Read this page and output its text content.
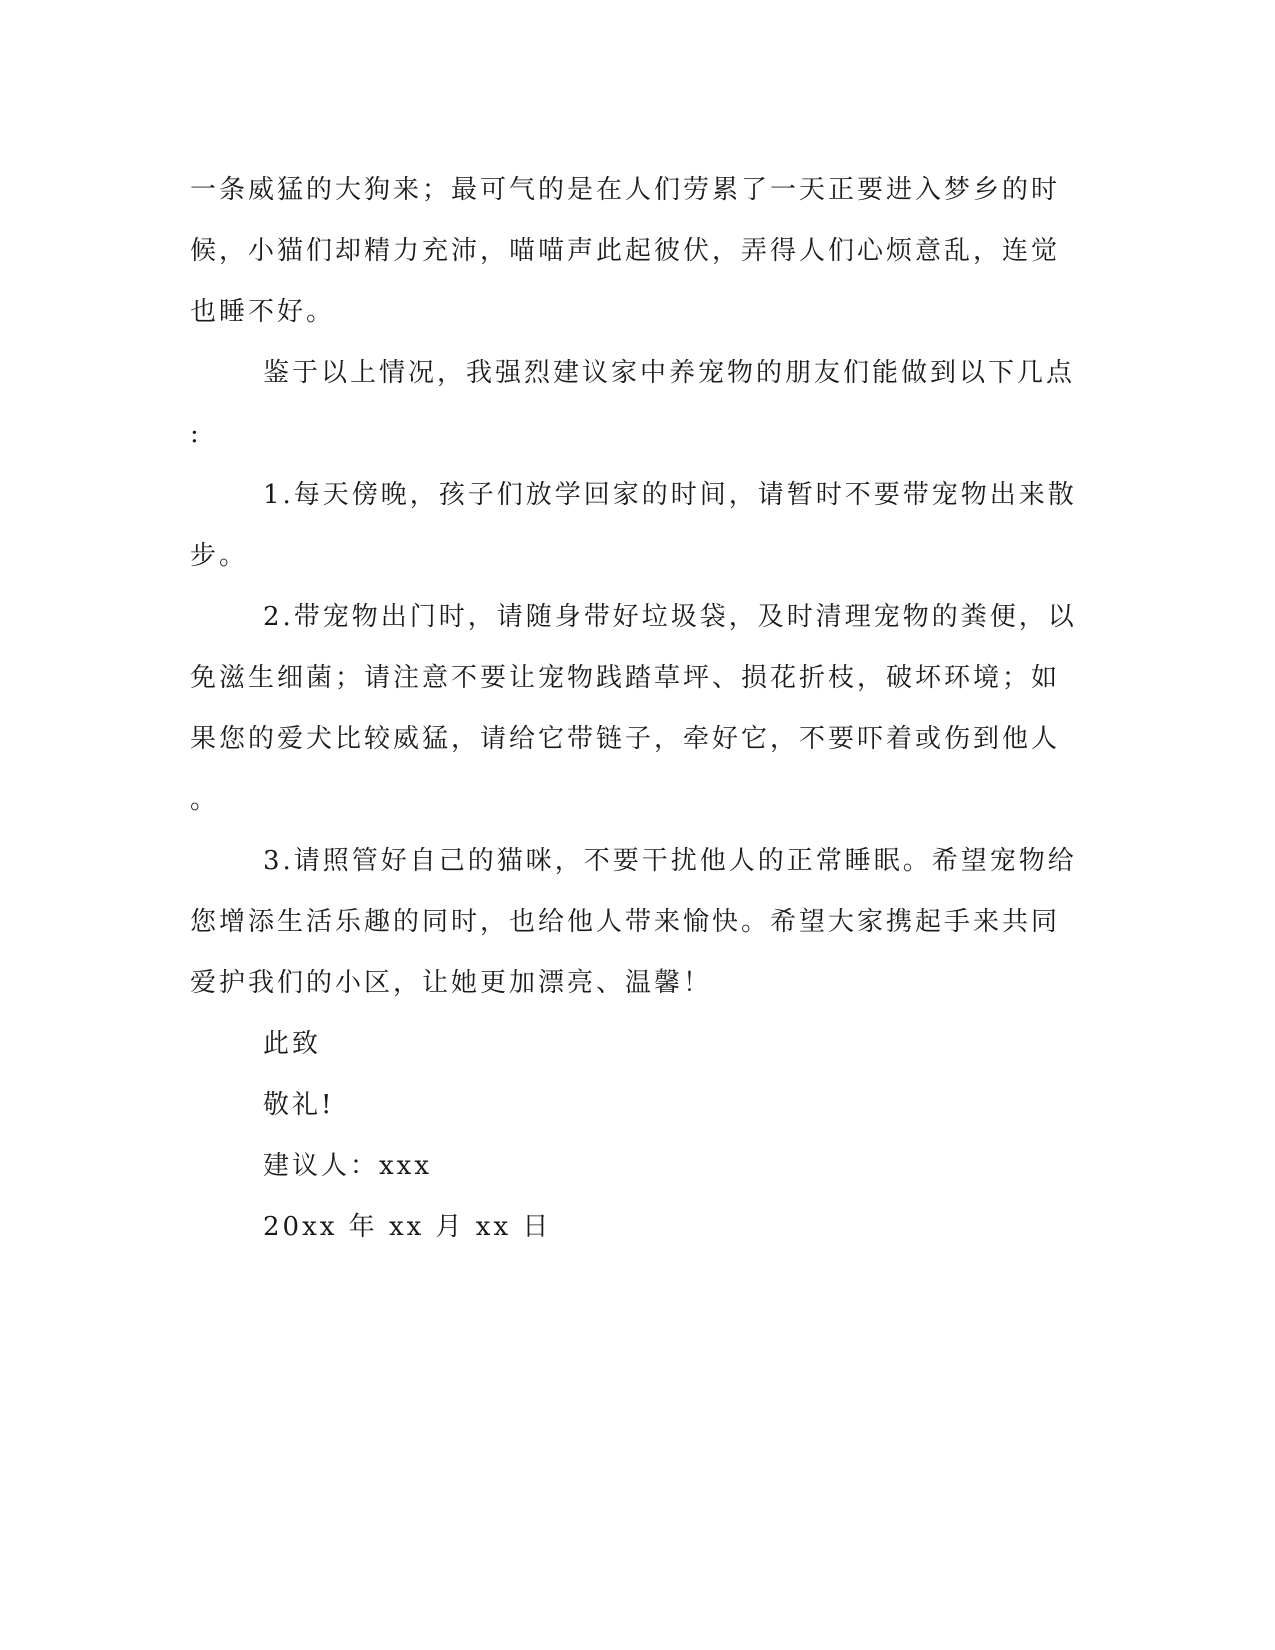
一条威猛的大狗来；最可气的是在人们劳累了一天正要进入梦乡的时
候，小猫们却精力充沛，喵喵声此起彼伏，弄得人们心烦意乱，连觉
也睡不好。
鉴于以上情况，我强烈建议家中养宠物的朋友们能做到以下几点
:
1.每天傍晚，孩子们放学回家的时间，请暂时不要带宠物出来散
步。
2.带宠物出门时，请随身带好垃圾袋，及时清理宠物的粪便，以
免滋生细菌；请注意不要让宠物践踏草坪、损花折枝，破坏环境；如
果您的爱犬比较威猛，请给它带链子，牵好它，不要吓着或伤到他人
。
3.请照管好自己的猫咪，不要干扰他人的正常睡眠。希望宠物给
您增添生活乐趣的同时，也给他人带来愉快。希望大家携起手来共同
爱护我们的小区，让她更加漂亮、温馨！
此致
敬礼!
建议人：xxx
20xx 年 xx 月 xx 日
